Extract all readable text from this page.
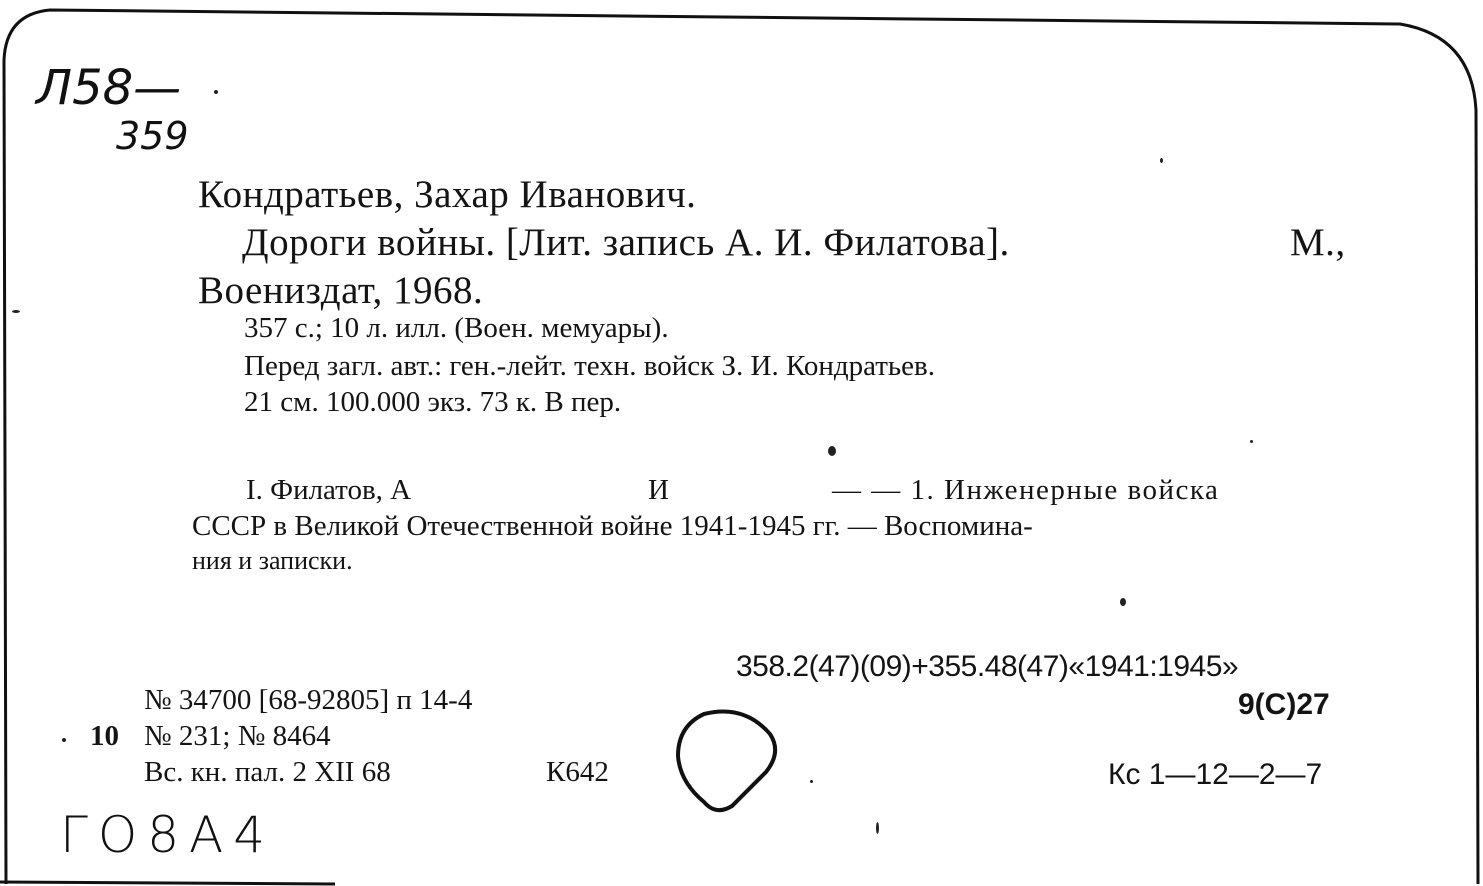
Л58—
359
Кондратьев, Захар Иванович.
Дороги войны. [Лит. запись А. И. Филатова].	М.,
Воениздат, 1968.
357 с.; 10 л. илл. (Воен. мемуары).
Перед загл. авт.: ген.-лейт. техн. войск З. И. Кондратьев.
21 см. 100.000 экз. 73 к. В пер.
I. Филатов, А	И	— — 1. Инженерные войска
СССР в Великой Отечественной войне 1941-1945 гг. — Воспомина-
ния и записки.
358.2(47)(09)+355.48(47)«1941:1945»
9(С)27
№ 34700 [68-92805] п 14-4
10 № 231; № 8464
Вс. кн. пал. 2 XII 68	К642	Кс 1—12—2—7
ГО8А4
